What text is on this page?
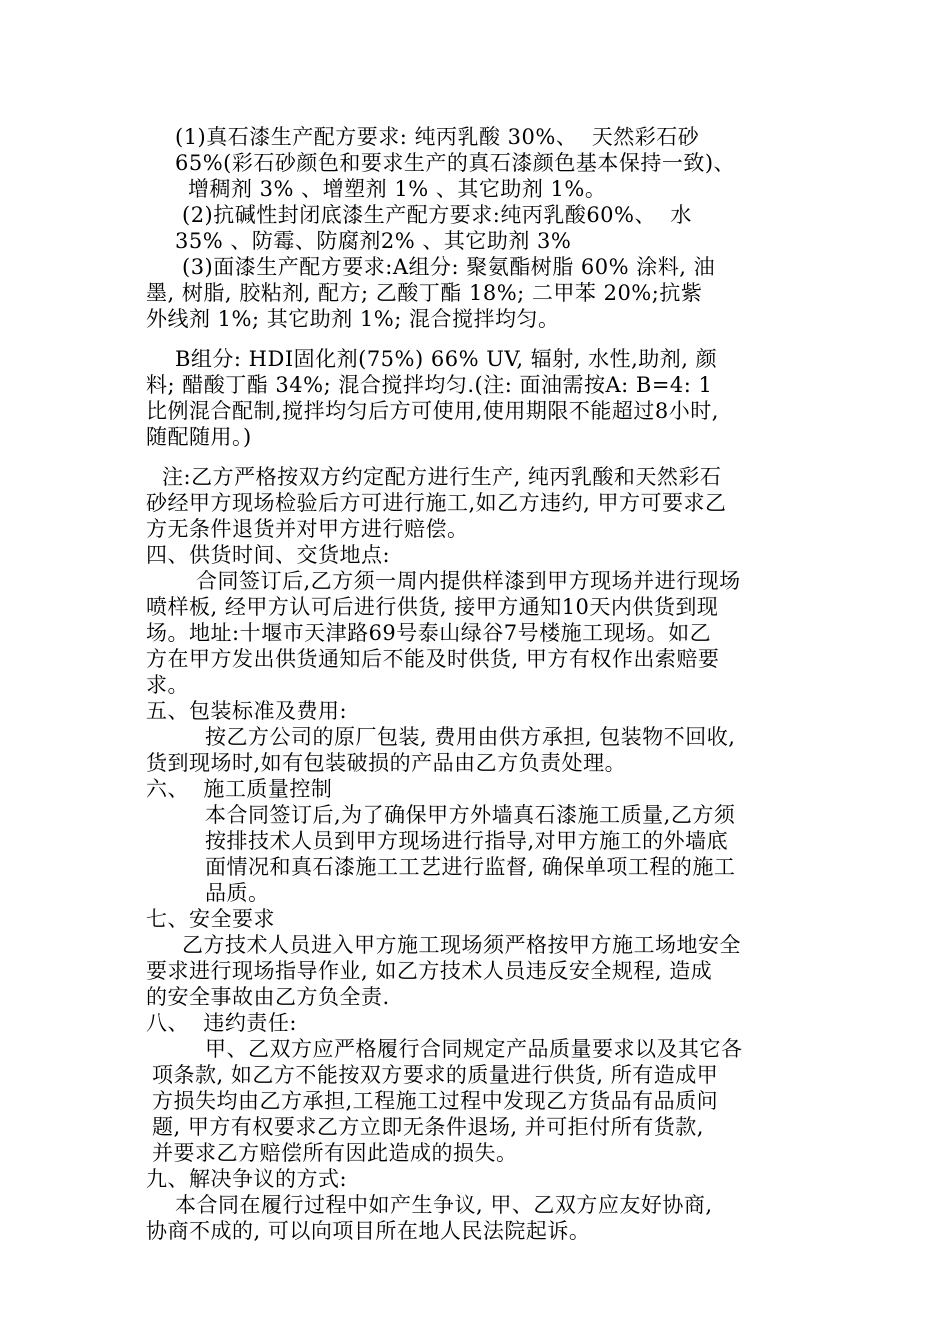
(1)真石漆生产配方要求: 纯丙乳酸 30%、  天然彩石砂
65%(彩石砂颜色和要求生产的真石漆颜色基本保持一致)、
增稠剂 3% 、增塑剂 1% 、其它助剂 1%。
(2)抗碱性封闭底漆生产配方要求:纯丙乳酸60%、  水
35% 、防霉、防腐剂2% 、其它助剂 3%
(3)面漆生产配方要求:A组分: 聚氨酯树脂 60% 涂料, 油
墨, 树脂, 胶粘剂, 配方; 乙酸丁酯 18%; 二甲苯 20%;抗紫
外线剂 1%; 其它助剂 1%; 混合搅拌均匀。
B组分: HDI固化剂(75%) 66% UV, 辐射, 水性,助剂, 颜
料; 醋酸丁酯 34%; 混合搅拌均匀.(注: 面油需按A: B=4: 1
比例混合配制,搅拌均匀后方可使用,使用期限不能超过8小时,
随配随用。)
注:乙方严格按双方约定配方进行生产, 纯丙乳酸和天然彩石
砂经甲方现场检验后方可进行施工,如乙方违约, 甲方可要求乙
方无条件退货并对甲方进行赔偿。
四、供货时间、交货地点:
合同签订后,乙方须一周内提供样漆到甲方现场并进行现场
喷样板, 经甲方认可后进行供货, 接甲方通知10天内供货到现
场。地址:十堰市天津路69号泰山绿谷7号楼施工现场。如乙
方在甲方发出供货通知后不能及时供货, 甲方有权作出索赔要
求。
五、包装标准及费用:
按乙方公司的原厂包装, 费用由供方承担, 包装物不回收,
货到现场时,如有包装破损的产品由乙方负责处理。
六、  施工质量控制
本合同签订后,为了确保甲方外墙真石漆施工质量,乙方须
按排技术人员到甲方现场进行指导,对甲方施工的外墙底
面情况和真石漆施工工艺进行监督, 确保单项工程的施工
品质。
七、安全要求
乙方技术人员进入甲方施工现场须严格按甲方施工场地安全
要求进行现场指导作业, 如乙方技术人员违反安全规程, 造成
的安全事故由乙方负全责.
八、  违约责任:
甲、乙双方应严格履行合同规定产品质量要求以及其它各
项条款, 如乙方不能按双方要求的质量进行供货, 所有造成甲
方损失均由乙方承担,工程施工过程中发现乙方货品有品质问
题, 甲方有权要求乙方立即无条件退场, 并可拒付所有货款,
并要求乙方赔偿所有因此造成的损失。
九、解决争议的方式:
本合同在履行过程中如产生争议, 甲、乙双方应友好协商,
协商不成的, 可以向项目所在地人民法院起诉。
